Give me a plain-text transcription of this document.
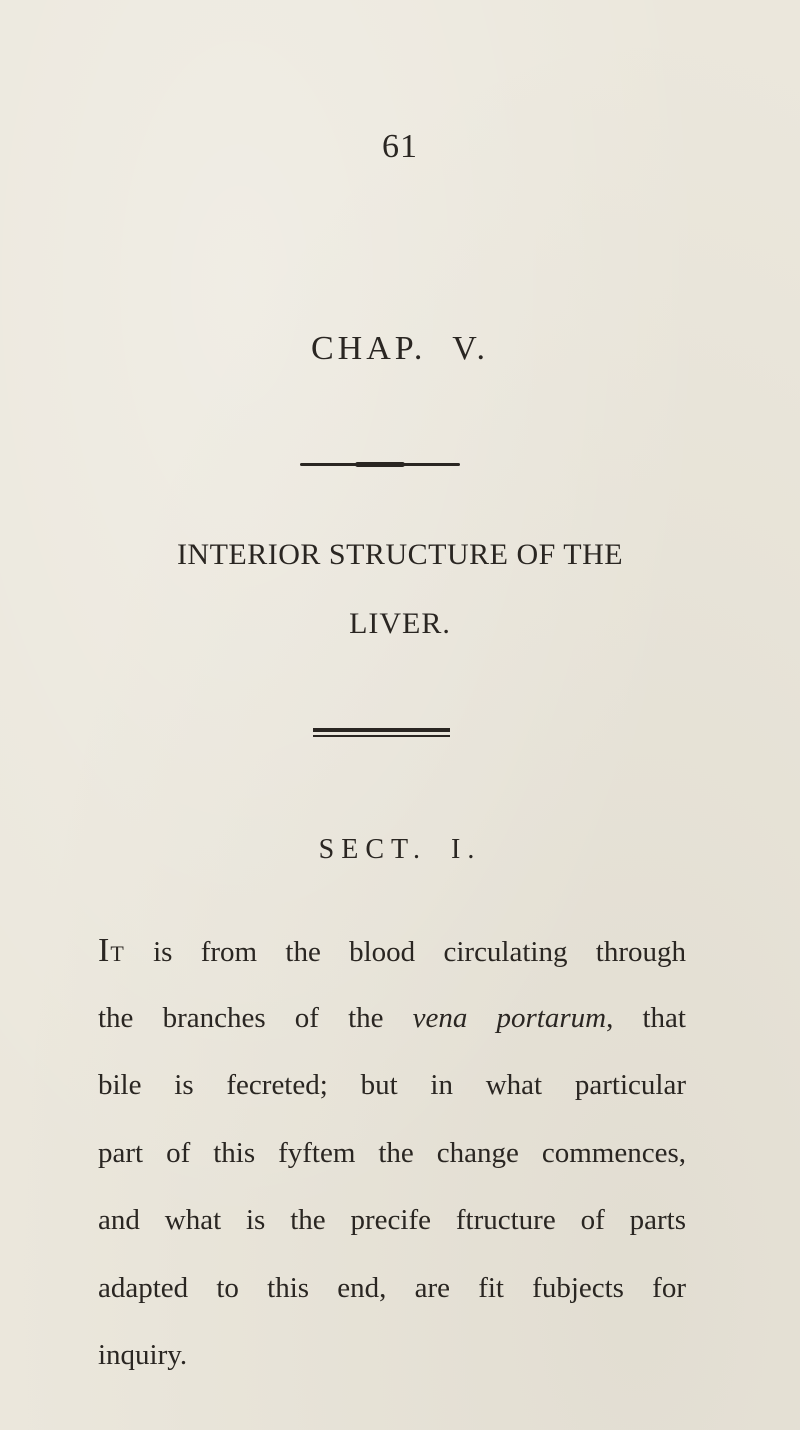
61
CHAP. V.
INTERIOR STRUCTURE OF THE
LIVER.
SECT. I.
IT is from the blood circulating through
the branches of the vena portarum, that
bile is fecreted; but in what particular
part of this fyftem the change commences,
and what is the precife ftructure of parts
adapted to this end, are fit fubjects for
inquiry.
